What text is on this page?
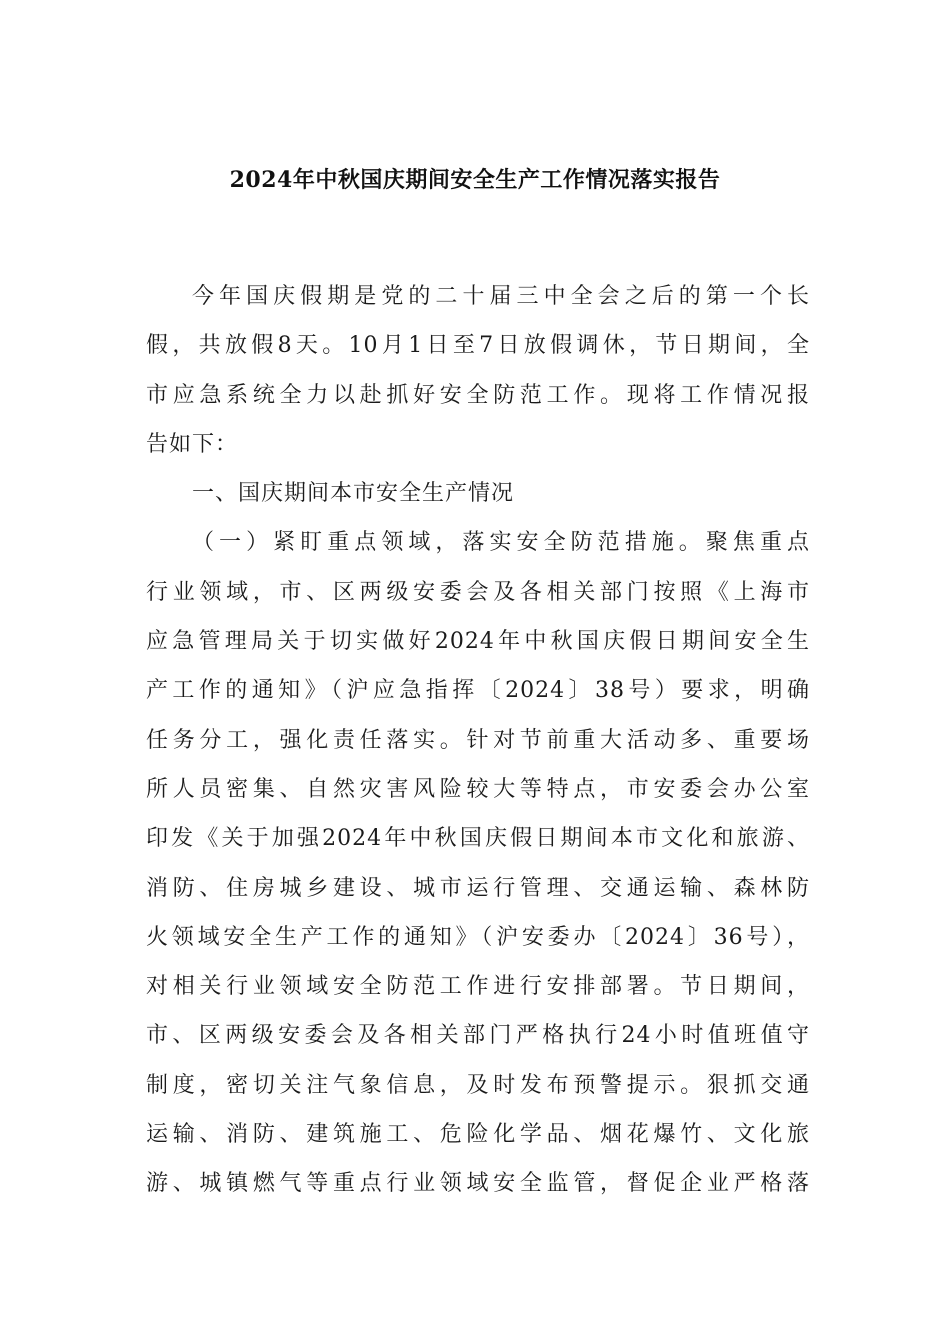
2024年中秋国庆期间安全生产工作情况落实报告
今年国庆假期是党的二十届三中全会之后的第一个长
假，共放假8天。10月1日至7日放假调休，节日期间，全
市应急系统全力以赴抓好安全防范工作。现将工作情况报
告如下：
一、国庆期间本市安全生产情况
（一）紧盯重点领域，落实安全防范措施。聚焦重点
行业领域，市、区两级安委会及各相关部门按照《上海市
应急管理局关于切实做好2024年中秋国庆假日期间安全生
产工作的通知》（沪应急指挥〔2024〕38号）要求，明确
任务分工，强化责任落实。针对节前重大活动多、重要场
所人员密集、自然灾害风险较大等特点，市安委会办公室
印发《关于加强2024年中秋国庆假日期间本市文化和旅游、
消防、住房城乡建设、城市运行管理、交通运输、森林防
火领域安全生产工作的通知》（沪安委办〔2024〕36号），
对相关行业领域安全防范工作进行安排部署。节日期间，
市、区两级安委会及各相关部门严格执行24小时值班值守
制度，密切关注气象信息，及时发布预警提示。狠抓交通
运输、消防、建筑施工、危险化学品、烟花爆竹、文化旅
游、城镇燃气等重点行业领域安全监管，督促企业严格落
